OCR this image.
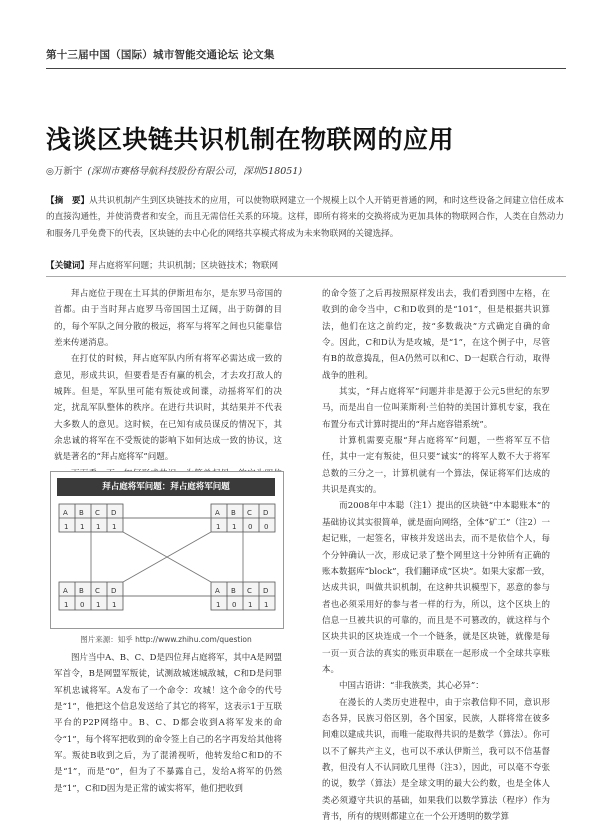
第十三届中国（国际）城市智能交通论坛 论文集
浅谈区块链共识机制在物联网的应用
◎万新宇 (深圳市赛格导航科技股份有限公司，深圳518051)
【摘　要】从共识机制产生到区块链技术的应用，可以使物联网建立一个规模上以个人开销更普通的网，和时这些设备之间建立信任成本的直接沟通性，并使消费者和安全，而且无需信任关系的环境。这样，即所有将来的交换将成为更加具体的物联网合作，人类在自然动力和服务几乎免费下的代表，区块链的去中心化的网络共享模式将成为未来物联网的关键选择。
【关键词】拜占庭将军问题；共识机制；区块链技术；物联网

拜占庭位于现在土耳其的伊斯坦布尔，是东罗马帝国的首都。由于当时拜占庭罗马帝国国土辽阔，出于防御的目的，每个军队之间分散的极远，将军与将军之间也只能靠信差来传递消息。

在打仗的时候，拜占庭军队内所有将军必需达成一致的意见，形成共识，但要看是否有赢的机会，才去攻打敌人的城阵。但是，军队里可能有叛徒或间谍，动摇将军们的决定，扰乱军队整体的秩序。在进行共识时，其结果并不代表大多数人的意见。这时候，在已知有成员谋反的情况下，其余忠诚的将军在不受叛徒的影响下如何达成一致的协议，这就是著名的“拜占庭将军”问题。

拜占庭将军问题：拜占庭将军问题
A B C D
1 1 1 1
A B C D
1 1 0 0
A B C D
1 0 1 1
A B C D
1 0 1 1
图片来源：知乎 http://www.zhihu.com/question

图片当中A、B、C、D是四位拜占庭将军，其中A是网盟军首令，B是网盟军叛徒，试测敌城迷城敌城，C和D是问罪军机忠诚将军。A发布了一个命令：攻城！这个命令的代号是“1”，他把这个信息发送给了其它的将军，这表示1于互联平台的P2P网络中。B、C、D都会收到A将军发来的命令“1”，每个将军把收到的命令签上自己的名字再发给其他将军。叛徒B收到之后，为了混淆视听，他转发给C和D的不是“1”，而是“0”，但为了不暴露自己，发给A将军的仍然是“1”，C和D因为是正常的诚实将军，他们把收到

的命令签了之后再按照原样发出去，我们看到图中左格，在收到的命令当中，C和D收到的是“101”，但是根据共识算法，他们在这之前约定，按“多数裁决”方式确定自确的命令。因此，C和D认为是攻城，是“1”，在这个例子中，尽管有B的故意捣乱，但A仍然可以和C、D一起联合行动，取得战争的胜利。

其实，“拜占庭将军”问题并非是源于公元5世纪的东罗马，而是出自一位叫莱斯利·兰伯特的美国计算机专家，我在布置分布式计算时提出的“拜占庭容错系统”。

计算机需要克服“拜占庭将军”问题，一些将军互不信任，其中一定有叛徒，但只要“诚实”的将军人数不大于将军总数的三分之一，计算机就有一个算法，保证将军们达成的共识是真实的。

而2008年中本聪（注1）提出的区块链“中本聪账本”的基础协议其实很简单，就是面向网络，全体“矿工”（注2）一起记账，一起签名，审核并发送出去，而不是依信个人，每个分钟确认一次，形成记录了整个网里这十分钟所有正确的账本数据库“block”，我们翻译成“区块”。如果大家都一致，达成共识，叫做共识机制，在这种共识模型下，恶意的参与者也必须采用好的参与者一样的行为，所以，这个区块上的信息一旦被共识的可靠的，而且是不可篡改的，就这样与个区块共识的区块连成一个一个链条，就是区块链，就像是每一页一页合法的真实的账页串联在一起形成一个全球共享账本。

中国古语讲：“非我族类，其心必异”：

在漫长的人类历史进程中，由于宗教信仰不同，意识形态各异，民族习俗区别，各个国家，民族，人群将常在彼多间难以建成共识，而唯一能取得共识的是数学（算法）。你可以不了解共产主义，也可以不承认伊斯兰，我可以不信基督教，但没有人不认同欧几里得（注3），因此，可以毫不夸张的说，数学（算法）是全球文明的最大公约数，也是全体人类必须遵守共识的基础，如果我们以数学算法（程序）作为背书，所有的规则都建立在一个公开透明的数学算
